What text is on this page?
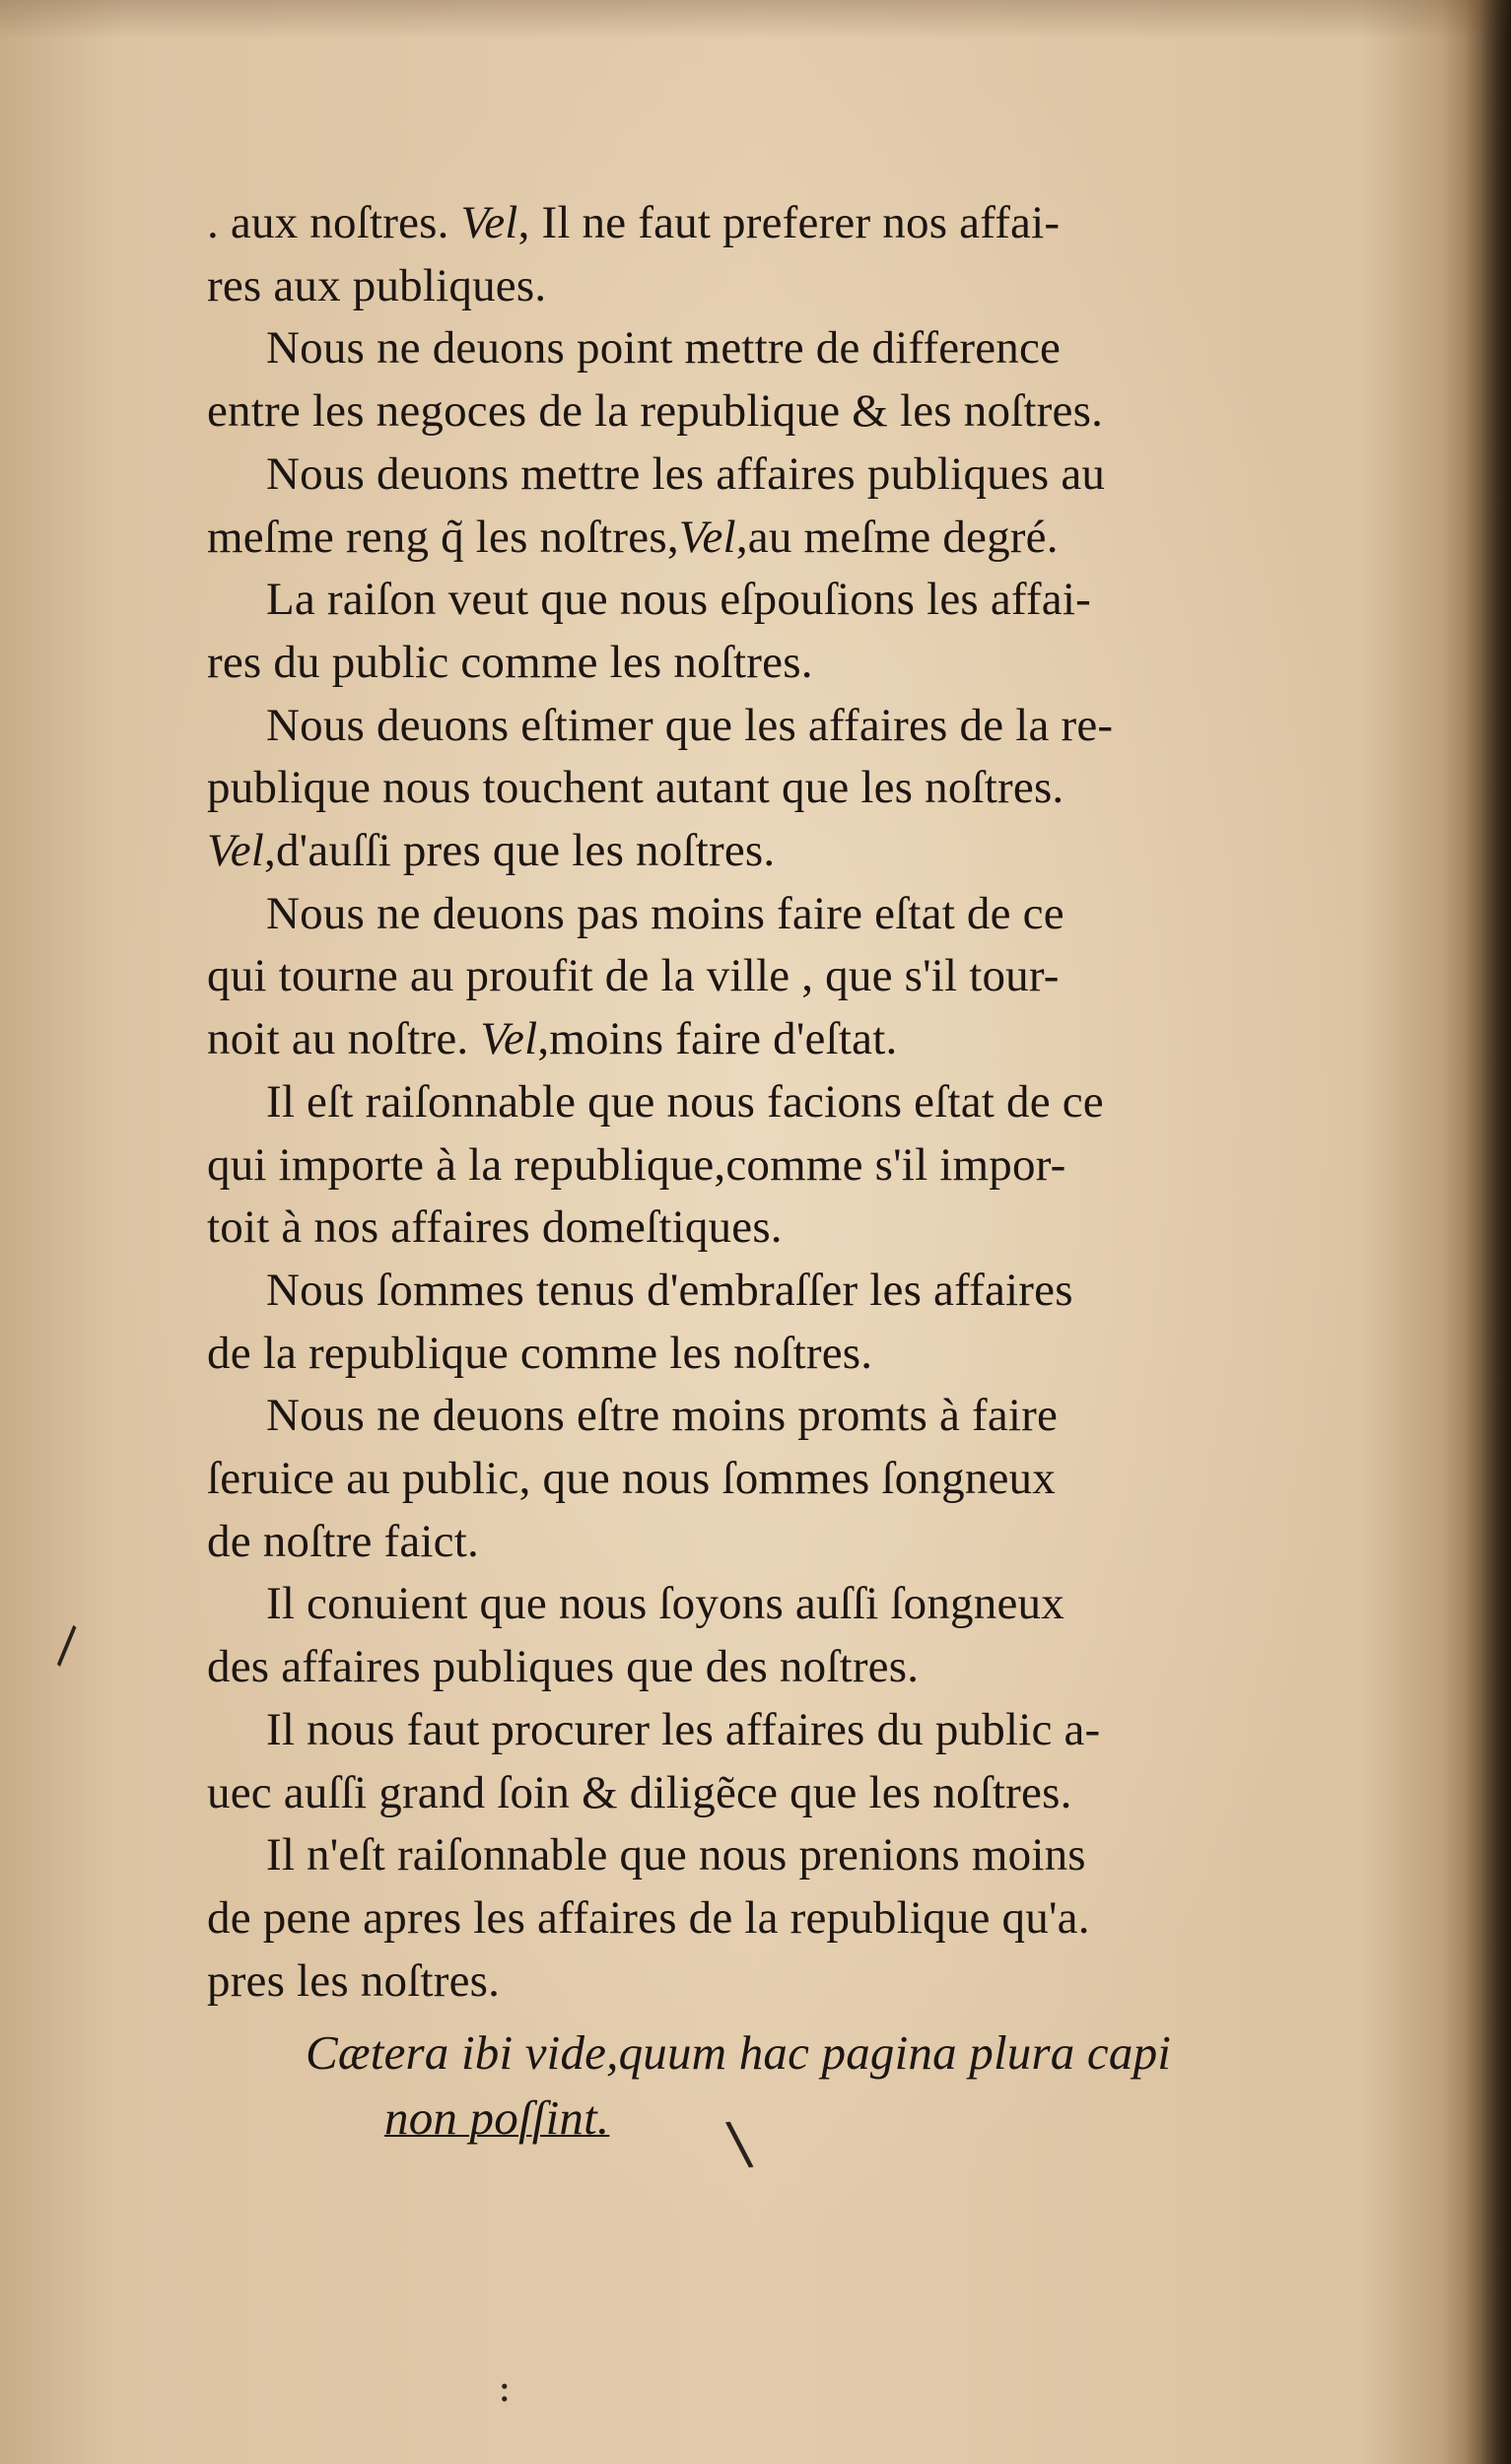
. aux noſtres. Vel, Il ne faut preferer nos affai-
res aux publiques.
Nous ne deuons point mettre de difference
entre les negoces de la republique & les noſtres.
Nous deuons mettre les affaires publiques au
meſme reng q̃ les noſtres,Vel,au meſme degré.
La raiſon veut que nous eſpouſions les affai-
res du public comme les noſtres.
Nous deuons eſtimer que les affaires de la re-
publique nous touchent autant que les noſtres.
Vel,d'auſſi pres que les noſtres.
Nous ne deuons pas moins faire eſtat de ce
qui tourne au proufit de la ville , que s'il tour-
noit au noſtre. Vel,moins faire d'eſtat.
Il eſt raiſonnable que nous facions eſtat de ce
qui importe à la republique,comme s'il impor-
toit à nos affaires domeſtiques.
Nous ſommes tenus d'embraſſer les affaires
de la republique comme les noſtres.
Nous ne deuons eſtre moins promts à faire
ſeruice au public, que nous ſommes ſongneux
de noſtre faict.
Il conuient que nous ſoyons auſſi ſongneux
des affaires publiques que des noſtres.
Il nous faut procurer les affaires du public a-
uec auſſi grand ſoin & diligẽce que les noſtres.
Il n'eſt raiſonnable que nous prenions moins
de pene apres les affaires de la republique qu'a.
pres les noſtres.
Cætera ibi vide,quum hac pagina plura capi
non poſſint.
\
\
:
